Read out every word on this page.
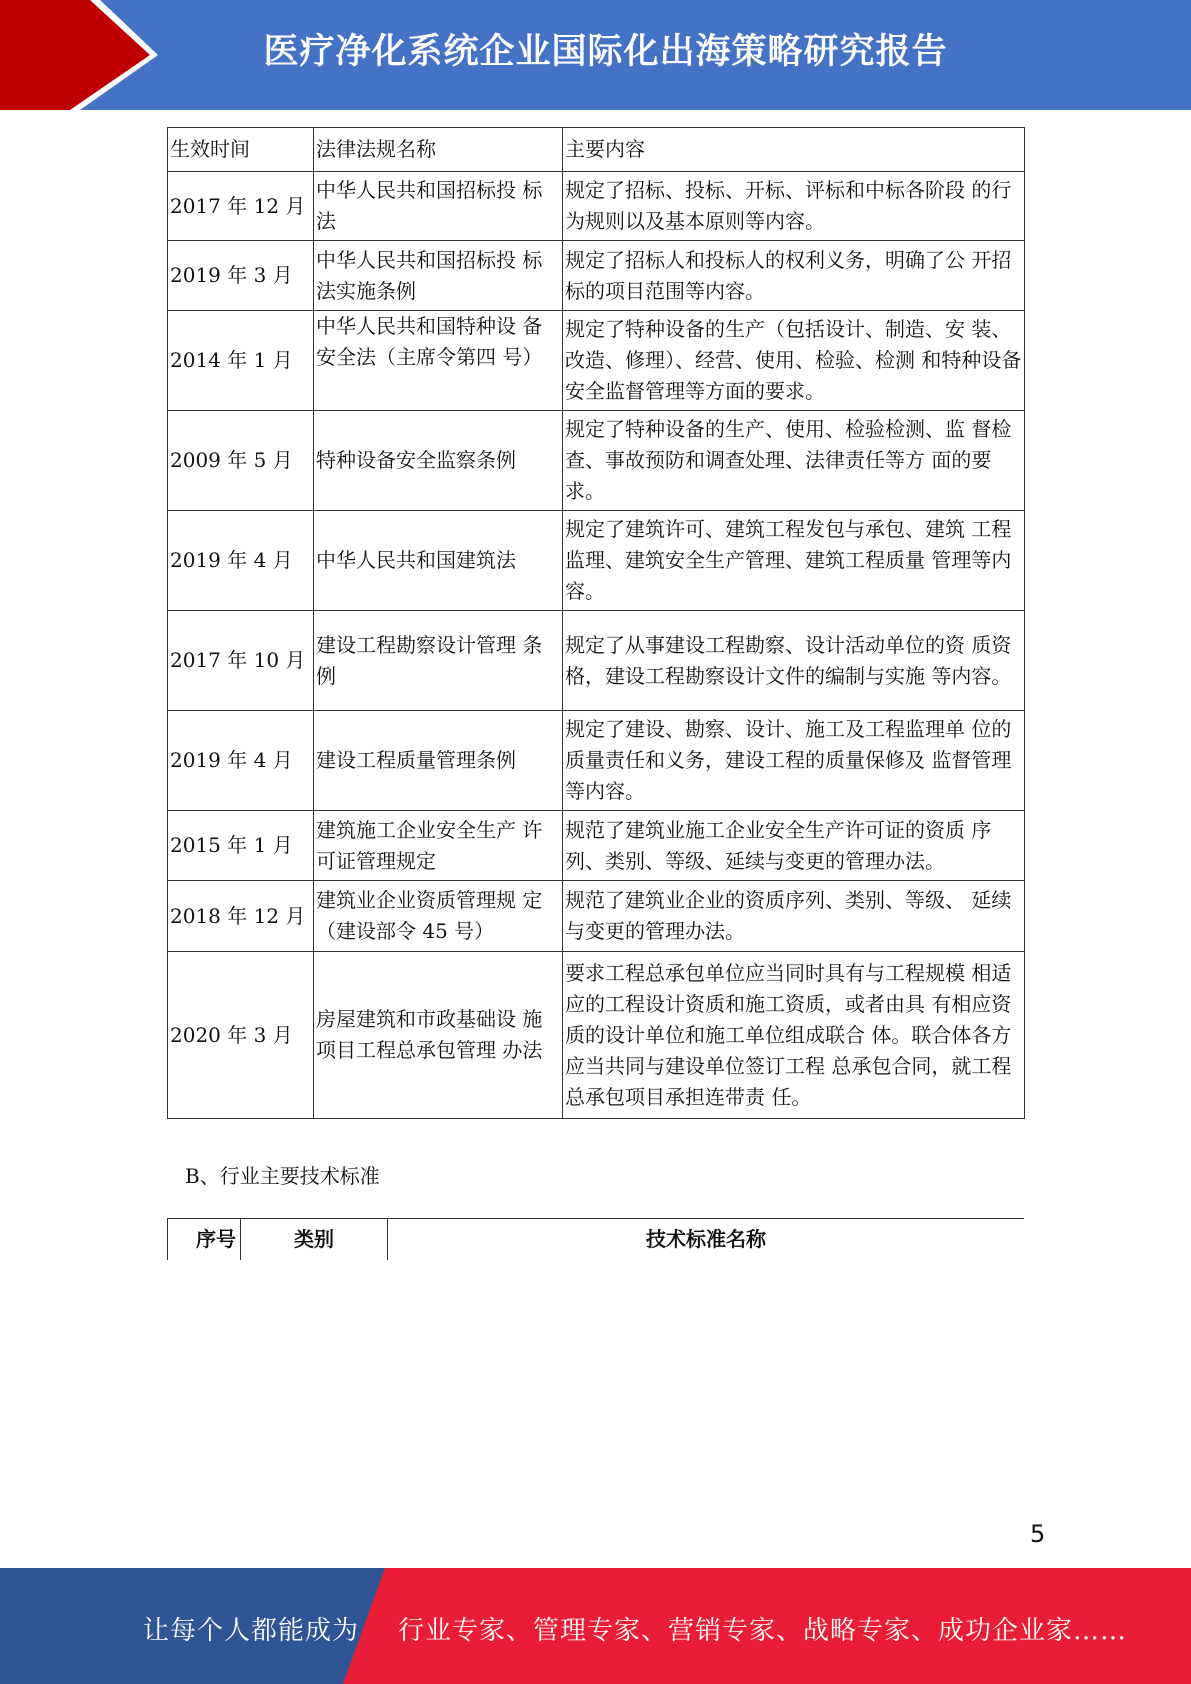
医疗净化系统企业国际化出海策略研究报告
生效时间	法律法规名称	主要内容
2017 年 12 月	中华人民共和国招标投 标法	规定了招标、投标、开标、评标和中标各阶段 的行为规则以及基本原则等内容。
2019 年 3 月	中华人民共和国招标投 标法实施条例	规定了招标人和投标人的权利义务，明确了公 开招标的项目范围等内容。
2014 年 1 月	中华人民共和国特种设 备安全法（主席令第四 号）	规定了特种设备的生产（包括设计、制造、安 装、改造、修理）、经营、使用、检验、检测 和特种设备安全监督管理等方面的要求。
2009 年 5 月	特种设备安全监察条例	规定了特种设备的生产、使用、检验检测、监 督检查、事故预防和调查处理、法律责任等方 面的要求。
2019 年 4 月	中华人民共和国建筑法	规定了建筑许可、建筑工程发包与承包、建筑 工程监理、建筑安全生产管理、建筑工程质量 管理等内容。
2017 年 10 月	建设工程勘察设计管理 条例	规定了从事建设工程勘察、设计活动单位的资 质资格，建设工程勘察设计文件的编制与实施 等内容。
2019 年 4 月	建设工程质量管理条例	规定了建设、勘察、设计、施工及工程监理单 位的质量责任和义务，建设工程的质量保修及 监督管理等内容。
2015 年 1 月	建筑施工企业安全生产 许可证管理规定	规范了建筑业施工企业安全生产许可证的资质 序列、类别、等级、延续与变更的管理办法。
2018 年 12 月	建筑业企业资质管理规 定（建设部令 45 号）	规范了建筑业企业的资质序列、类别、等级、 延续与变更的管理办法。
2020 年 3 月	房屋建筑和市政基础设 施项目工程总承包管理 办法	要求工程总承包单位应当同时具有与工程规模 相适应的工程设计资质和施工资质，或者由具 有相应资质的设计单位和施工单位组成联合 体。联合体各方应当共同与建设单位签订工程 总承包合同，就工程总承包项目承担连带责 任。
B、行业主要技术标准
序号	类别	技术标准名称
5
让每个人都能成为 行业专家、管理专家、营销专家、战略专家、成功企业家……
